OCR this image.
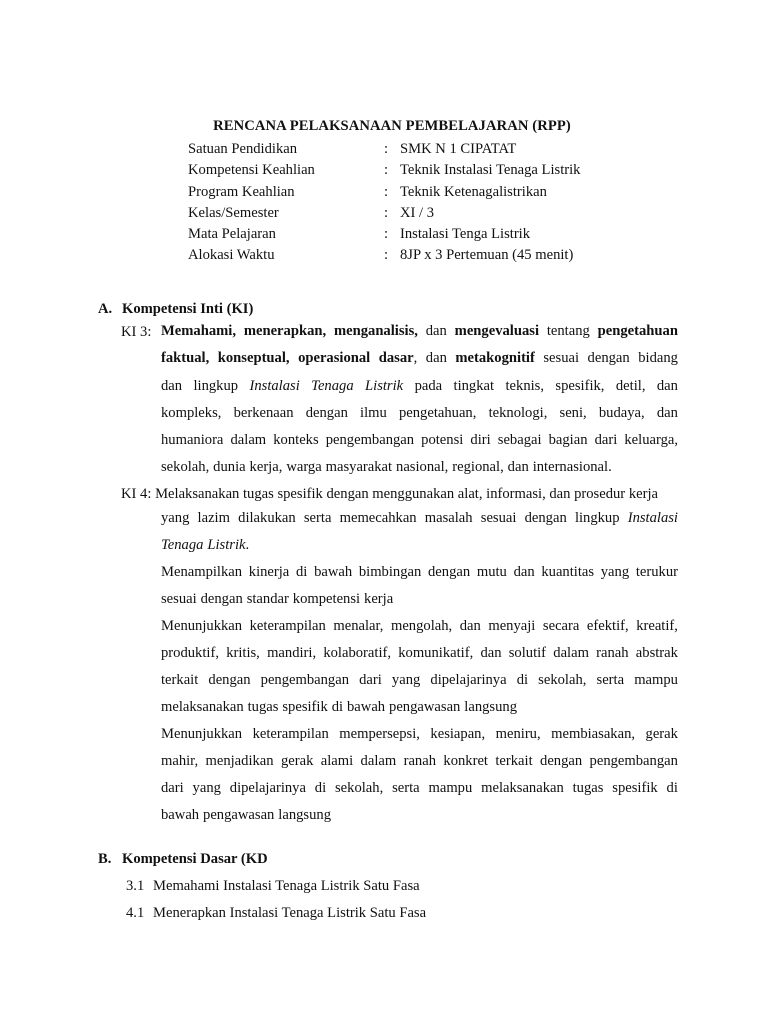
RENCANA PELAKSANAAN PEMBELAJARAN (RPP)
Satuan Pendidikan	: SMK N 1 CIPATAT
Kompetensi Keahlian	: Teknik Instalasi Tenaga Listrik
Program Keahlian	: Teknik Ketenagalistrikan
Kelas/Semester	: XI / 3
Mata Pelajaran	: Instalasi Tenga Listrik
Alokasi Waktu	: 8JP x 3 Pertemuan (45 menit)
A. Kompetensi Inti (KI)
KI 3: Memahami, menerapkan, menganalisis, dan mengevaluasi tentang pengetahuan
faktual, konseptual, operasional dasar, dan metakognitif sesuai dengan bidang
dan lingkup Instalasi Tenaga Listrik pada tingkat teknis, spesifik, detil, dan
kompleks, berkenaan dengan ilmu pengetahuan, teknologi, seni, budaya, dan
humaniora dalam konteks pengembangan potensi diri sebagai bagian dari keluarga,
sekolah, dunia kerja, warga masyarakat nasional, regional, dan internasional.
KI 4: Melaksanakan tugas spesifik dengan menggunakan alat, informasi, dan prosedur kerja
yang lazim dilakukan serta memecahkan masalah sesuai dengan lingkup Instalasi
Tenaga Listrik.
Menampilkan kinerja di bawah bimbingan dengan mutu dan kuantitas yang terukur
sesuai dengan standar kompetensi kerja
Menunjukkan keterampilan menalar, mengolah, dan menyaji secara efektif, kreatif,
produktif, kritis, mandiri, kolaboratif, komunikatif, dan solutif dalam ranah abstrak
terkait dengan pengembangan dari yang dipelajarinya di sekolah, serta mampu
melaksanakan tugas spesifik di bawah pengawasan langsung
Menunjukkan keterampilan mempersepsi, kesiapan, meniru, membiasakan, gerak
mahir, menjadikan gerak alami dalam ranah konkret terkait dengan pengembangan
dari yang dipelajarinya di sekolah, serta mampu melaksanakan tugas spesifik di
bawah pengawasan langsung
B. Kompetensi Dasar (KD
3.1 Memahami Instalasi Tenaga Listrik Satu Fasa
4.1 Menerapkan Instalasi Tenaga Listrik Satu Fasa
